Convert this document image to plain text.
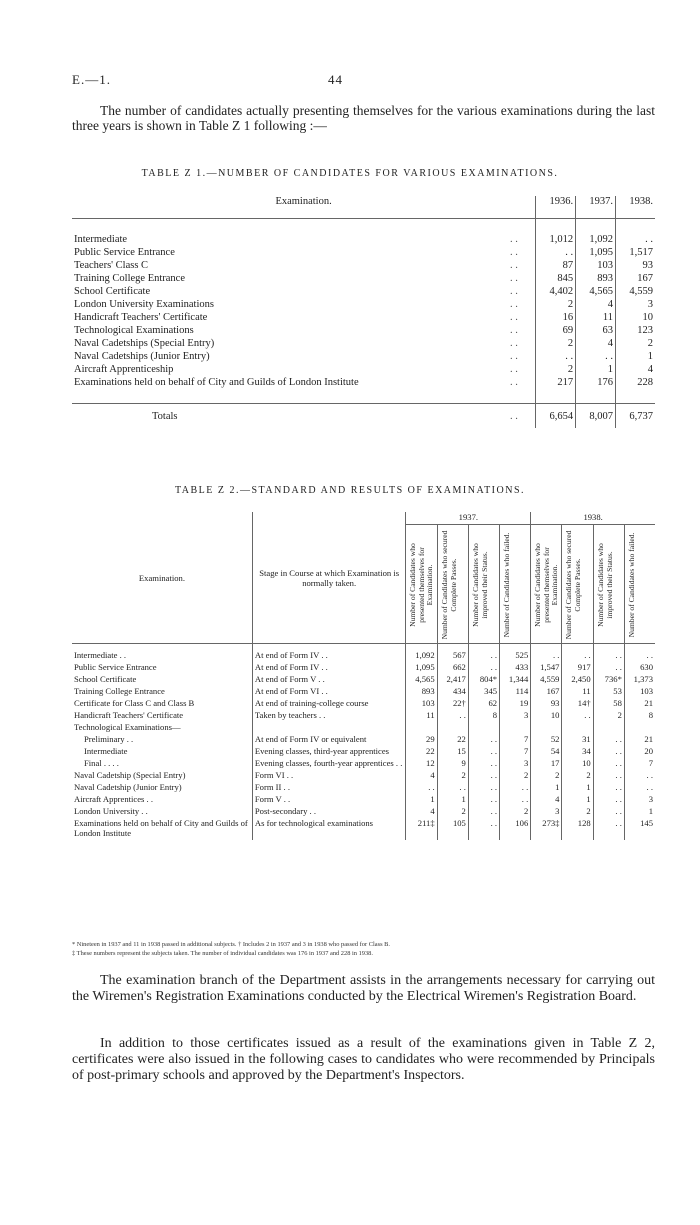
E.—1.	44
The number of candidates actually presenting themselves for the various examinations during the last three years is shown in Table Z 1 following :—
TABLE Z 1.—NUMBER OF CANDIDATES FOR VARIOUS EXAMINATIONS.
Examination.		1936.	1937.	1938.

Intermediate	. .	1,012	1,092	. .
Public Service Entrance	. .	. .	1,095	1,517
Teachers' Class C	. .	87	103	93
Training College Entrance	. .	845	893	167
School Certificate	. .	4,402	4,565	4,559
London University Examinations	. .	2	4	3
Handicraft Teachers' Certificate	. .	16	11	10
Technological Examinations	. .	69	63	123
Naval Cadetships (Special Entry)	. .	2	4	2
Naval Cadetships (Junior Entry)	. .	. .	. .	1
Aircraft Apprenticeship	. .	2	1	4
Examinations held on behalf of City and Guilds of London Institute	. .	217	176	228

Totals	. .	6,654	8,007	6,737
TABLE Z 2.—STANDARD AND RESULTS OF EXAMINATIONS.
Examination.	Stage in Course at which Examination is normally taken.	1937.				1938.			

		Number of Candidates who presented themselves for Examination.	Number of Candidates who secured Complete Passes.	Number of Candidates who improved their Status.	Number of Candidates who failed.	Number of Candidates who presented themselves for Examination.	Number of Candidates who secured Complete Passes.	Number of Candidates who improved their Status.	Number of Candidates who failed.

Intermediate . .	At end of Form IV . .	1,092	567	. .	525	. .	. .	. .	. .
Public Service Entrance	At end of Form IV . .	1,095	662	. .	433	1,547	917	. .	630
School Certificate	At end of Form V . .	4,565	2,417	804*	1,344	4,559	2,450	736*	1,373
Training College Entrance	At end of Form VI . .	893	434	345	114	167	11	53	103
Certificate for Class C and Class B	At end of training-college course	103	22†	62	19	93	14†	58	21
Handicraft Teachers' Certificate	Taken by teachers . .	11	. .	8	3	10	. .	2	8
Technological Examinations—									
Preliminary . .	At end of Form IV or equivalent	29	22	. .	7	52	31	. .	21
Intermediate	Evening classes, third-year apprentices	22	15	. .	7	54	34	. .	20
Final . . . .	Evening classes, fourth-year apprentices . .	12	9	. .	3	17	10	. .	7
Naval Cadetship (Special Entry)	Form VI . .	4	2	. .	2	2	2	. .	. .
Naval Cadetship (Junior Entry)	Form II . .	. .	. .	. .	. .	1	1	. .	. .
Aircraft Apprentices . .	Form V . .	1	1	. .	. .	4	1	. .	3
London University . .	Post-secondary . .	4	2	. .	2	3	2	. .	1
Examinations held on behalf of City and Guilds of London Institute	As for technological examinations	211‡	105	. .	106	273‡	128	. .	145
* Nineteen in 1937 and 11 in 1938 passed in additional subjects. † Includes 2 in 1937 and 3 in 1938 who passed for Class B.
‡ These numbers represent the subjects taken. The number of individual candidates was 176 in 1937 and 228 in 1938.
The examination branch of the Department assists in the arrangements necessary for carrying out the Wiremen's Registration Examinations conducted by the Electrical Wiremen's Registration Board.
In addition to those certificates issued as a result of the examinations given in Table Z 2, certificates were also issued in the following cases to candidates who were recommended by Principals of post-primary schools and approved by the Department's Inspectors.
